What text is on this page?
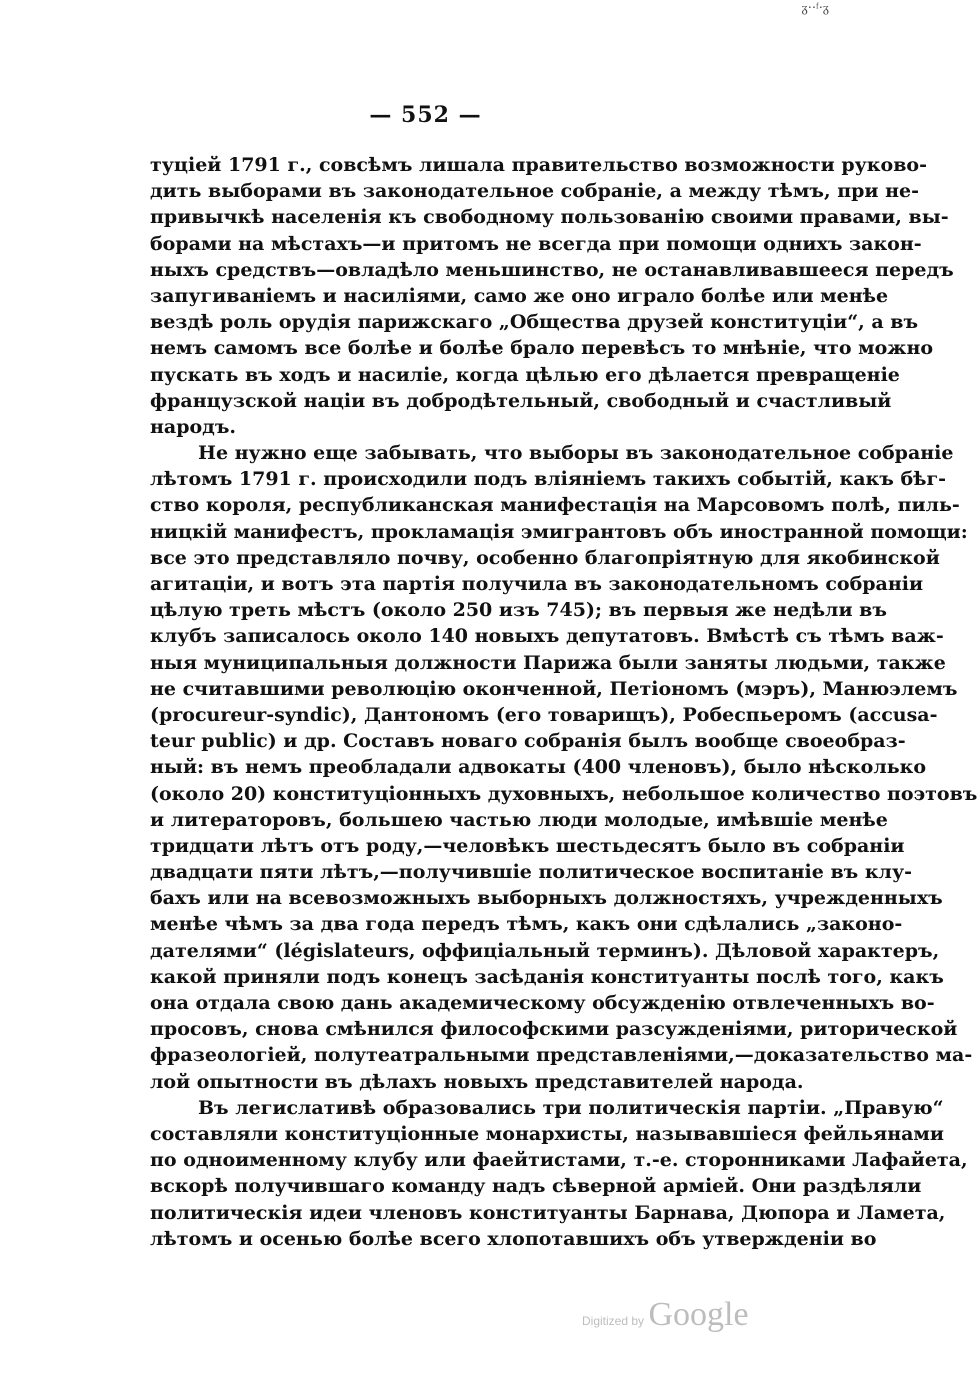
ᵹ⋅⋅ᶠ⋅ᵹ
— 552 —
туціей 1791 г., совсѣмъ лишала правительство возможности руково-
дить выборами въ законодательное собраніе, а между тѣмъ, при не-
привычкѣ населенія къ свободному пользованію своими правами, вы-
борами на мѣстахъ—и притомъ не всегда при помощи однихъ закон-
ныхъ средствъ—овладѣло меньшинство, не останавливавшееся передъ
запугиваніемъ и насиліями, само же оно играло болѣе или менѣе
вездѣ роль орудія парижскаго „Общества друзей конституціи“, а въ
немъ самомъ все болѣе и болѣе брало перевѣсъ то мнѣніе, что можно
пускать въ ходъ и насиліе, когда цѣлью его дѣлается превращеніе
французской націи въ добродѣтельный, свободный и счастливый
народъ.
Не нужно еще забывать, что выборы въ законодательное собраніе
лѣтомъ 1791 г. происходили подъ вліяніемъ такихъ событій, какъ бѣг-
ство короля, республиканская манифестація на Марсовомъ полѣ, пиль-
ницкій манифестъ, прокламація эмигрантовъ объ иностранной помощи:
все это представляло почву, особенно благопріятную для якобинской
агитаціи, и вотъ эта партія получила въ законодательномъ собраніи
цѣлую треть мѣстъ (около 250 изъ 745); въ первыя же недѣли въ
клубъ записалось около 140 новыхъ депутатовъ. Вмѣстѣ съ тѣмъ важ-
ныя муниципальныя должности Парижа были заняты людьми, также
не считавшими революцію оконченной, Петіономъ (мэръ), Манюэлемъ
(procureur-syndic), Дантономъ (его товарищъ), Робеспьеромъ (accusa-
teur public) и др. Составъ новаго собранія былъ вообще своеобраз-
ный: въ немъ преобладали адвокаты (400 членовъ), было нѣсколько
(около 20) конституціонныхъ духовныхъ, небольшое количество поэтовъ
и литераторовъ, большею частью люди молодые, имѣвшіе менѣе
тридцати лѣтъ отъ роду,—человѣкъ шестьдесятъ было въ собраніи
двадцати пяти лѣтъ,—получившіе политическое воспитаніе въ клу-
бахъ или на всевозможныхъ выборныхъ должностяхъ, учрежденныхъ
менѣе чѣмъ за два года передъ тѣмъ, какъ они сдѣлались „законо-
дателями“ (législateurs, оффиціальный терминъ). Дѣловой характеръ,
какой приняли подъ конецъ засѣданія конституанты послѣ того, какъ
она отдала свою дань академическому обсужденію отвлеченныхъ во-
просовъ, снова смѣнился философскими разсужденіями, риторической
фразеологіей, полутеатральными представленіями,—доказательство ма-
лой опытности въ дѣлахъ новыхъ представителей народа.
Въ легислативѣ образовались три политическія партіи. „Правую“
составляли конституціонные монархисты, называвшіеся фейльянами
по одноименному клубу или фаейтистами, т.-е. сторонниками Лафайета,
вскорѣ получившаго команду надъ сѣверной арміей. Они раздѣляли
политическія идеи членовъ конституанты Барнава, Дюпора и Ламета,
лѣтомъ и осенью болѣе всего хлопотавшихъ объ утвержденіи во
Digitized by Google
